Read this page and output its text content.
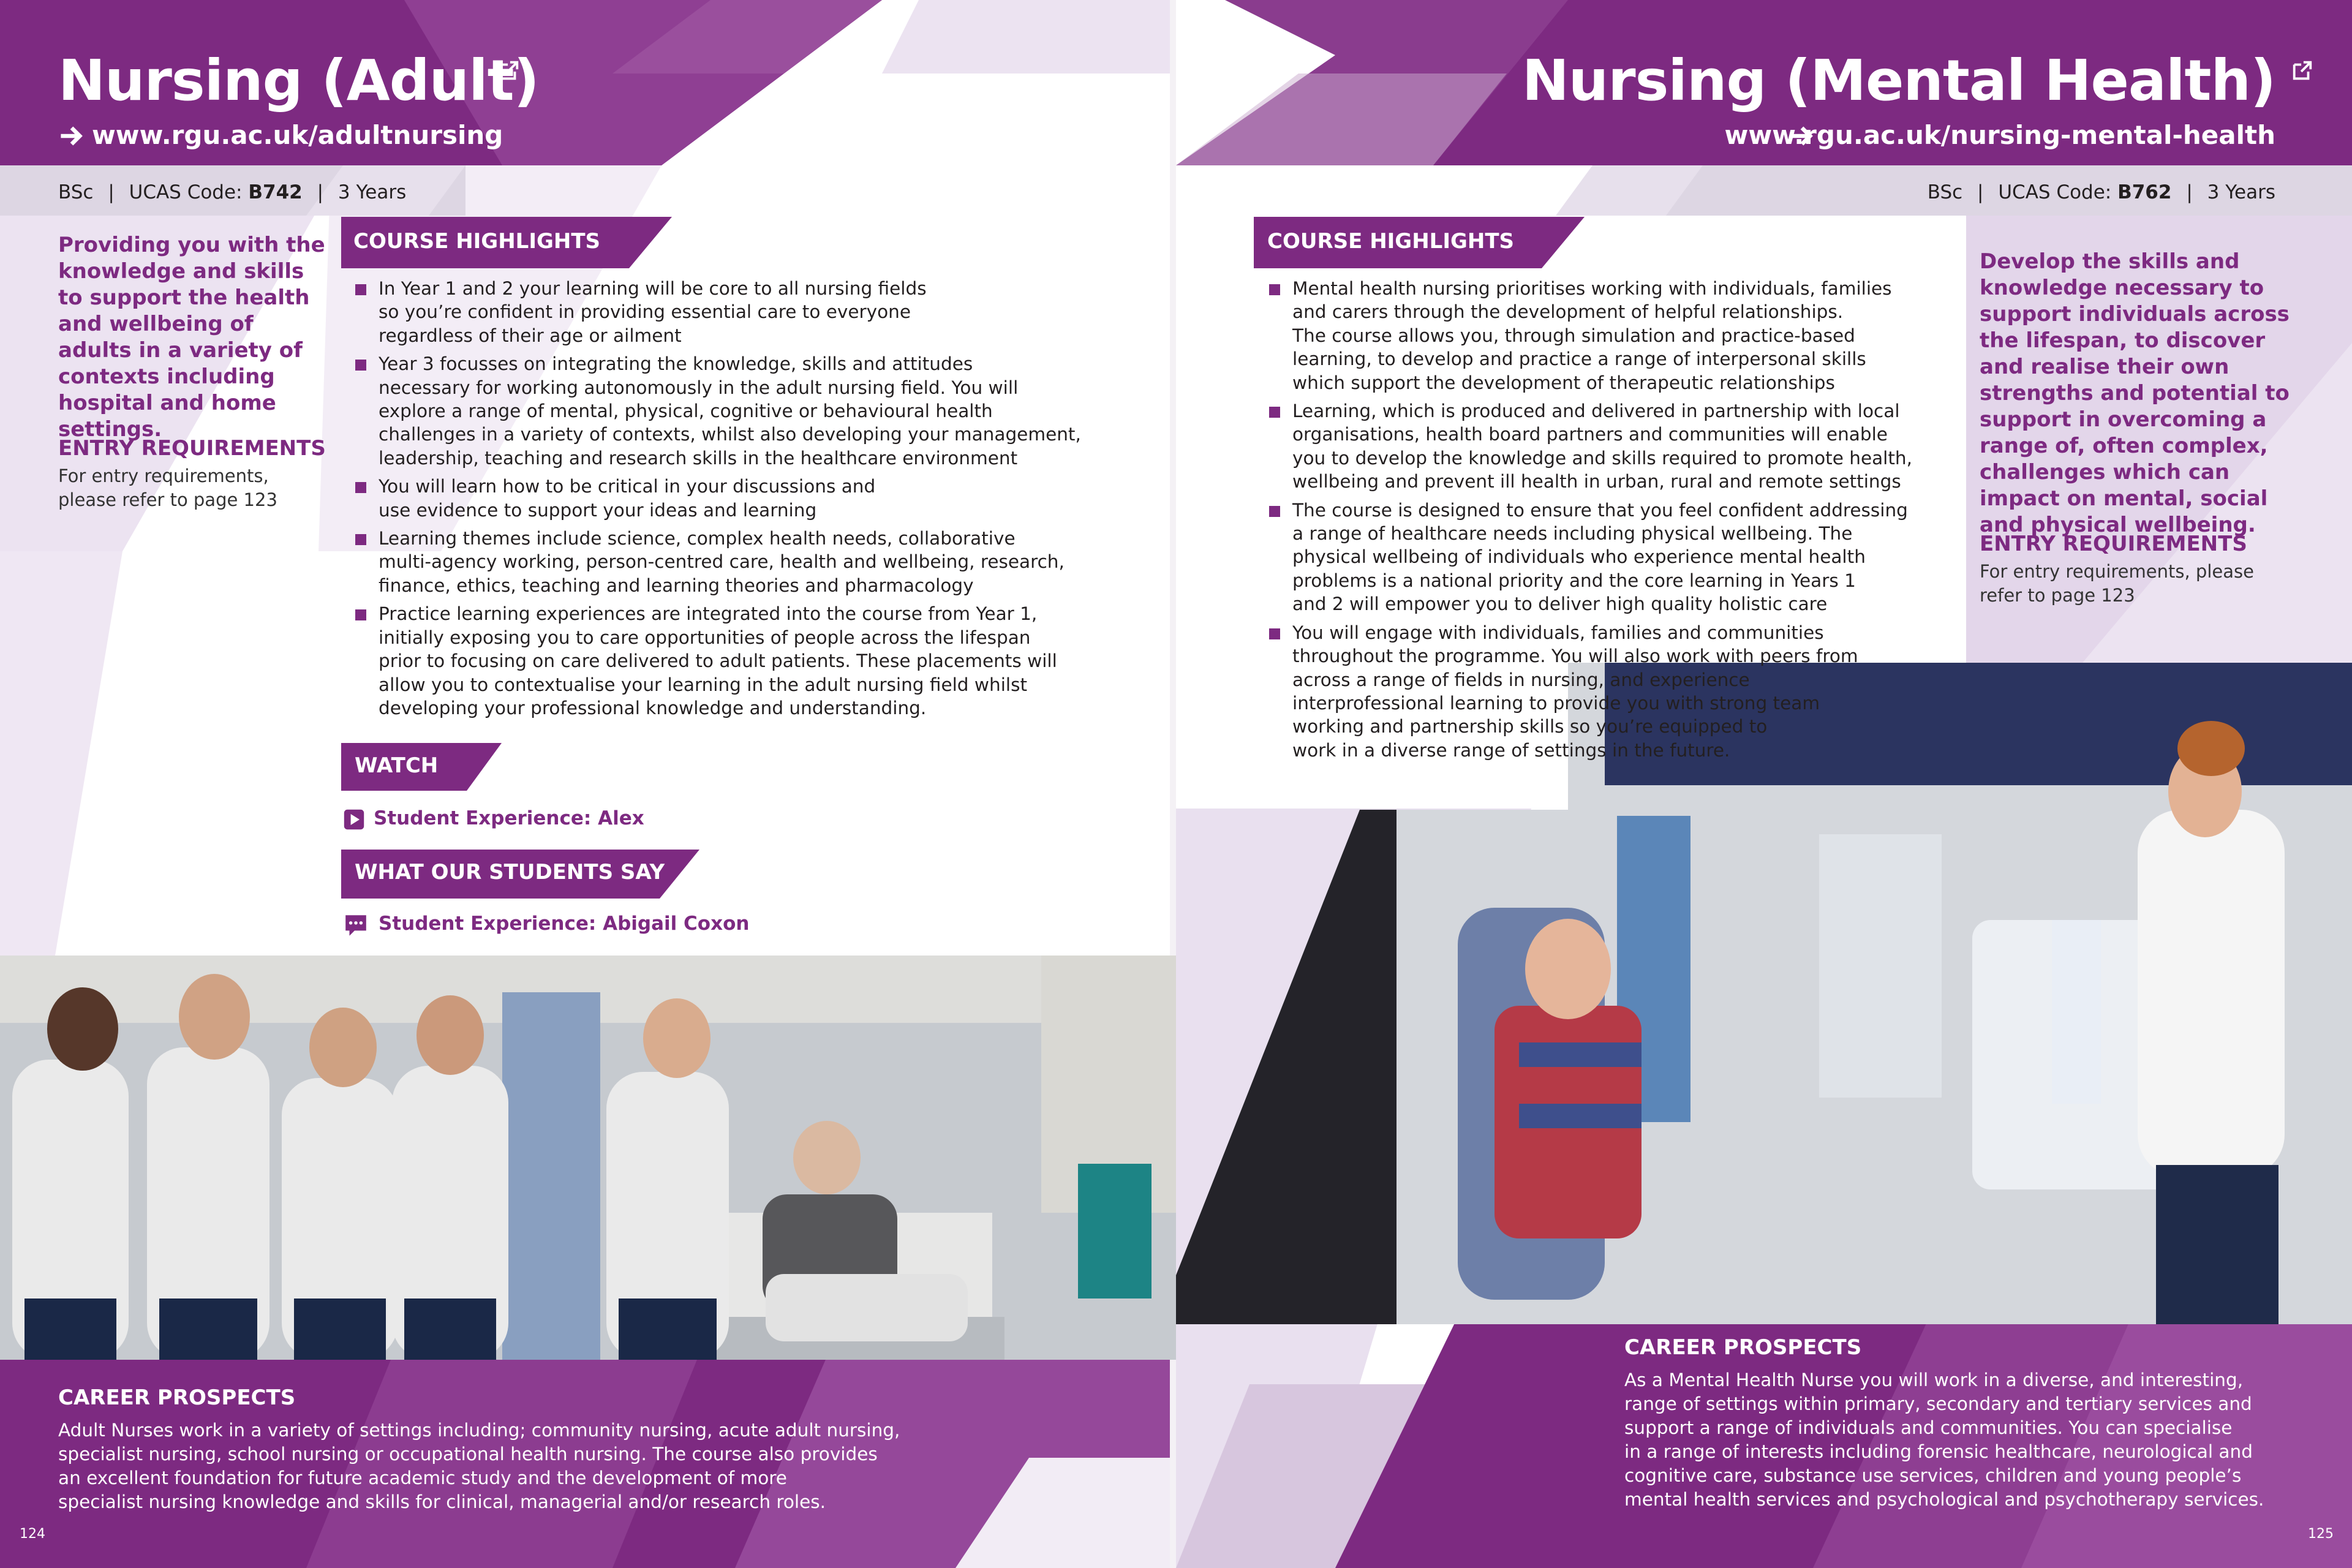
Nursing (Adult)
www.rgu.ac.uk/adultnursing
BSc | UCAS Code: B742 | 3 Years

Providing you with the knowledge and skills to support the health and wellbeing of adults in a variety of contexts including hospital and home settings.

ENTRY REQUIREMENTS

For entry requirements, please refer to page 123

COURSE HIGHLIGHTS
In Year 1 and 2 your learning will be core to all nursing fields
so you’re confident in providing essential care to everyone
regardless of their age or ailment
Year 3 focusses on integrating the knowledge, skills and attitudes
necessary for working autonomously in the adult nursing field. You will
explore a range of mental, physical, cognitive or behavioural health
challenges in a variety of contexts, whilst also developing your management,
leadership, teaching and research skills in the healthcare environment
You will learn how to be critical in your discussions and
use evidence to support your ideas and learning
Learning themes include science, complex health needs, collaborative
multi-agency working, person-centred care, health and wellbeing, research,
finance, ethics, teaching and learning theories and pharmacology
Practice learning experiences are integrated into the course from Year 1,
initially exposing you to care opportunities of people across the lifespan
prior to focusing on care delivered to adult patients. These placements will
allow you to contextualise your learning in the adult nursing field whilst
developing your professional knowledge and understanding.
WATCH
Student Experience: Alex
WHAT OUR STUDENTS SAY
Student Experience: Abigail Coxon
Nursing (Mental Health)
www.rgu.ac.uk/nursing-mental-health
BSc | UCAS Code: B762 | 3 Years
COURSE HIGHLIGHTS
Mental health nursing prioritises working with individuals, families
and carers through the development of helpful relationships.
The course allows you, through simulation and practice-based
learning, to develop and practice a range of interpersonal skills
which support the development of therapeutic relationships
Learning, which is produced and delivered in partnership with local
organisations, health board partners and communities will enable
you to develop the knowledge and skills required to promote health,
wellbeing and prevent ill health in urban, rural and remote settings
The course is designed to ensure that you feel confident addressing
a range of healthcare needs including physical wellbeing. The
physical wellbeing of individuals who experience mental health
problems is a national priority and the core learning in Years 1
and 2 will empower you to deliver high quality holistic care
You will engage with individuals, families and communities
throughout the programme. You will also work with peers from
across a range of fields in nursing, and experience
interprofessional learning to provide you with strong team
working and partnership skills so you’re equipped to
work in a diverse range of settings in the future.

Develop the skills and knowledge necessary to support individuals across the lifespan, to discover and realise their own strengths and potential to support in overcoming a range of, often complex, challenges which can impact on mental, social and physical wellbeing.

ENTRY REQUIREMENTS

For entry requirements, please refer to page 123

CAREER PROSPECTS

Adult Nurses work in a variety of settings including; community nursing, acute adult nursing,
specialist nursing, school nursing or occupational health nursing. The course also provides
an excellent foundation for future academic study and the development of more
specialist nursing knowledge and skills for clinical, managerial and/or research roles.

CAREER PROSPECTS

As a Mental Health Nurse you will work in a diverse, and interesting,
range of settings within primary, secondary and tertiary services and
support a range of individuals and communities. You can specialise
in a range of interests including forensic healthcare, neurological and
cognitive care, substance use services, children and young people’s
mental health services and psychological and psychotherapy services.

124	125
